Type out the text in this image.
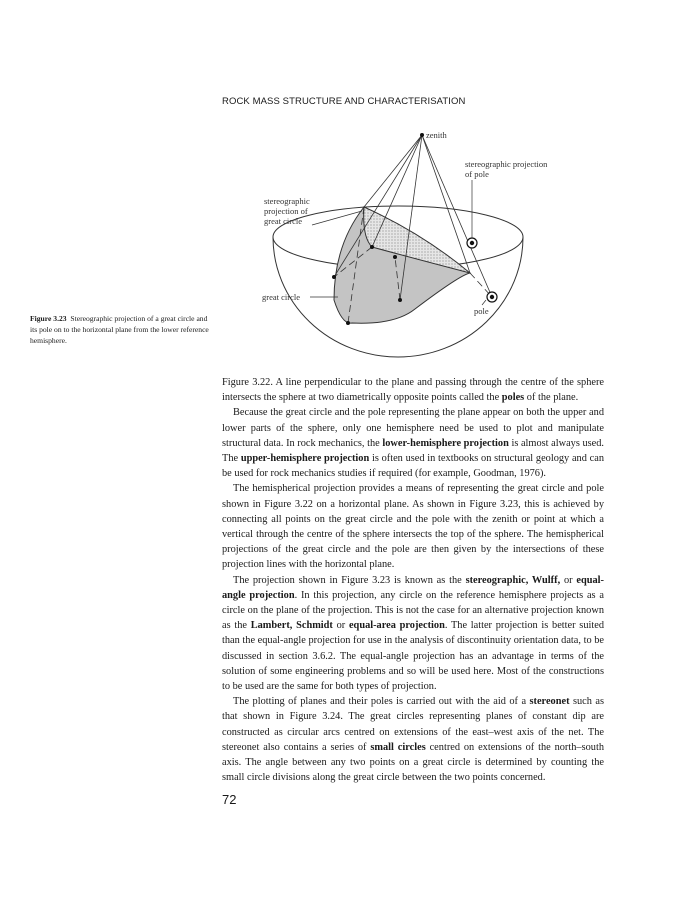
ROCK MASS STRUCTURE AND CHARACTERISATION
zenith
stereographic projection
of pole
stereographic
projection of
great circle
great circle
pole
Figure 3.23 Stereographic projection of a great circle and its pole on to the horizontal plane from the lower reference hemisphere.

Figure 3.22. A line perpendicular to the plane and passing through the centre of the sphere intersects the sphere at two diametrically opposite points called the poles of the plane.

Because the great circle and the pole representing the plane appear on both the upper and lower parts of the sphere, only one hemisphere need be used to plot and manipulate structural data. In rock mechanics, the lower-hemisphere projection is almost always used. The upper-hemisphere projection is often used in textbooks on structural geology and can be used for rock mechanics studies if required (for example, Goodman, 1976).

The hemispherical projection provides a means of representing the great circle and pole shown in Figure 3.22 on a horizontal plane. As shown in Figure 3.23, this is achieved by connecting all points on the great circle and the pole with the zenith or point at which a vertical through the centre of the sphere intersects the top of the sphere. The hemispherical projections of the great circle and the pole are then given by the intersections of these projection lines with the horizontal plane.

The projection shown in Figure 3.23 is known as the stereographic, Wulff, or equal-angle projection. In this projection, any circle on the reference hemisphere projects as a circle on the plane of the projection. This is not the case for an alternative projection known as the Lambert, Schmidt or equal-area projection. The latter projection is better suited than the equal-angle projection for use in the analysis of discontinuity orientation data, to be discussed in section 3.6.2. The equal-angle projection has an advantage in terms of the solution of some engineering problems and so will be used here. Most of the constructions to be used are the same for both types of projection.

The plotting of planes and their poles is carried out with the aid of a stereonet such as that shown in Figure 3.24. The great circles representing planes of constant dip are constructed as circular arcs centred on extensions of the east–west axis of the net. The stereonet also contains a series of small circles centred on extensions of the north–south axis. The angle between any two points on a great circle is determined by counting the small circle divisions along the great circle between the two points concerned.

72
